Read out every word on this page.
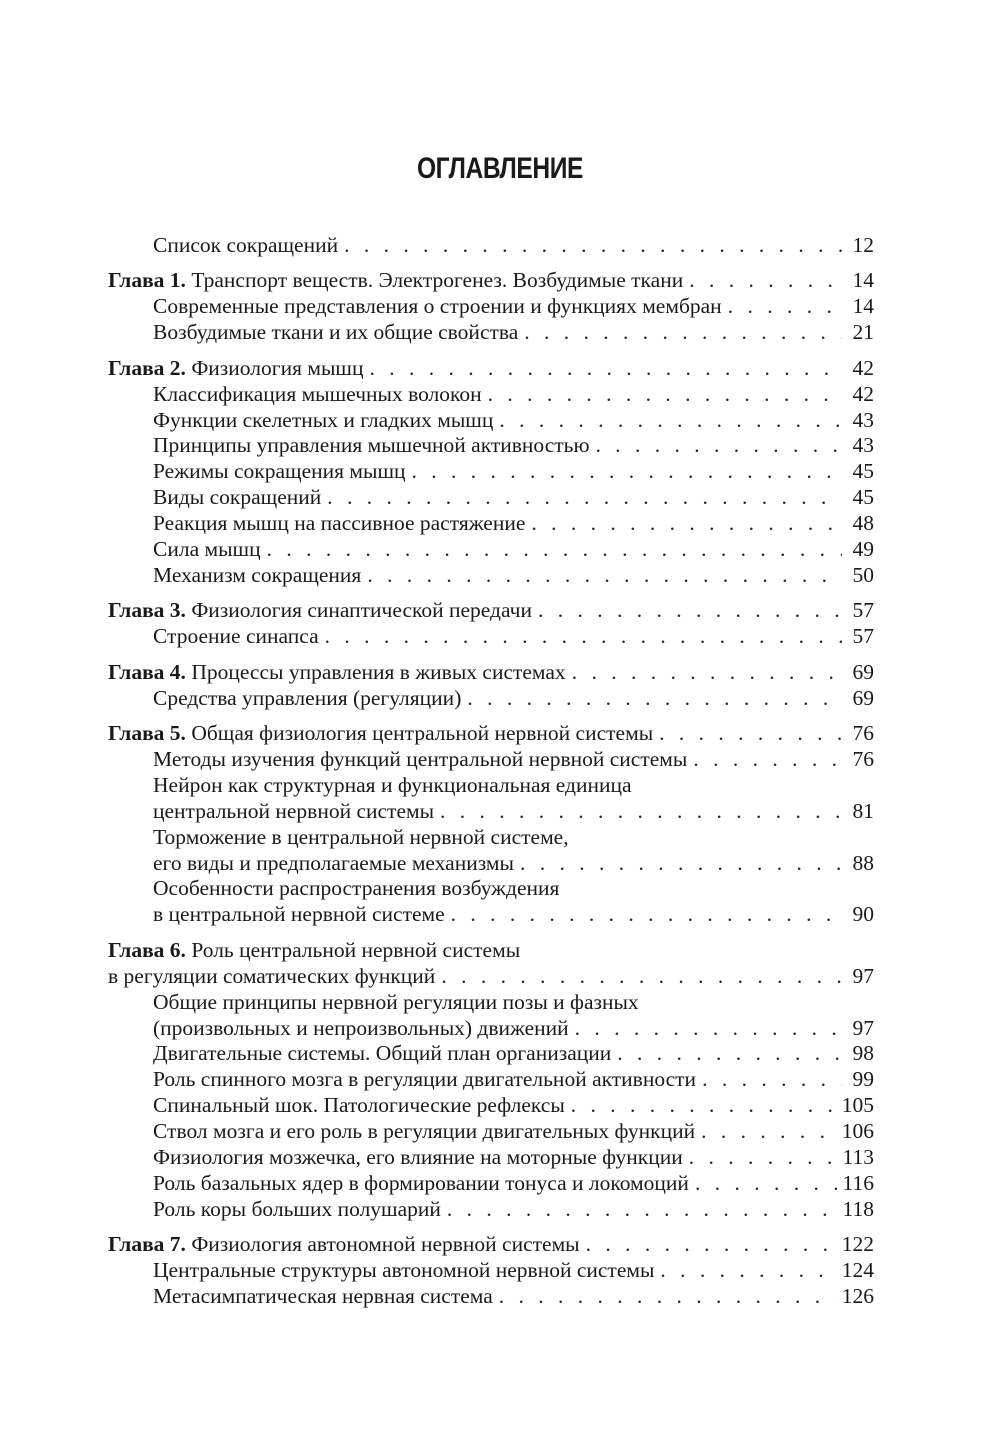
ОГЛАВЛЕНИЕ
Список сокращений . . .	12
Глава 1. Транспорт веществ. Электрогенез. Возбудимые ткани . . .	14
Современные представления о строении и функциях мембран . . .	14
Возбудимые ткани и их общие свойства . . .	21
Глава 2. Физиология мышц . . .	42
Классификация мышечных волокон . . .	42
Функции скелетных и гладких мышц . . .	43
Принципы управления мышечной активностью . . .	43
Режимы сокращения мышц . . .	45
Виды сокращений . . .	45
Реакция мышц на пассивное растяжение . . .	48
Сила мышц . . .	49
Механизм сокращения . . .	50
Глава 3. Физиология синаптической передачи . . .	57
Строение синапса . . .	57
Глава 4. Процессы управления в живых системах . . .	69
Средства управления (регуляции) . . .	69
Глава 5. Общая физиология центральной нервной системы . . .	76
Методы изучения функций центральной нервной системы . . .	76
Нейрон как структурная и функциональная единица
центральной нервной системы . . .	81
Торможение в центральной нервной системе,
его виды и предполагаемые механизмы . . .	88
Особенности распространения возбуждения
в центральной нервной системе . . .	90
Глава 6. Роль центральной нервной системы
в регуляции соматических функций . . .	97
Общие принципы нервной регуляции позы и фазных
(произвольных и непроизвольных) движений . . .	97
Двигательные системы. Общий план организации . . .	98
Роль спинного мозга в регуляции двигательной активности . . .	99
Спинальный шок. Патологические рефлексы . . .	105
Ствол мозга и его роль в регуляции двигательных функций . . .	106
Физиология мозжечка, его влияние на моторные функции . . .	113
Роль базальных ядер в формировании тонуса и локомоций . . .	116
Роль коры больших полушарий . . .	118
Глава 7. Физиология автономной нервной системы . . .	122
Центральные структуры автономной нервной системы . . .	124
Метасимпатическая нервная система . . .	126
